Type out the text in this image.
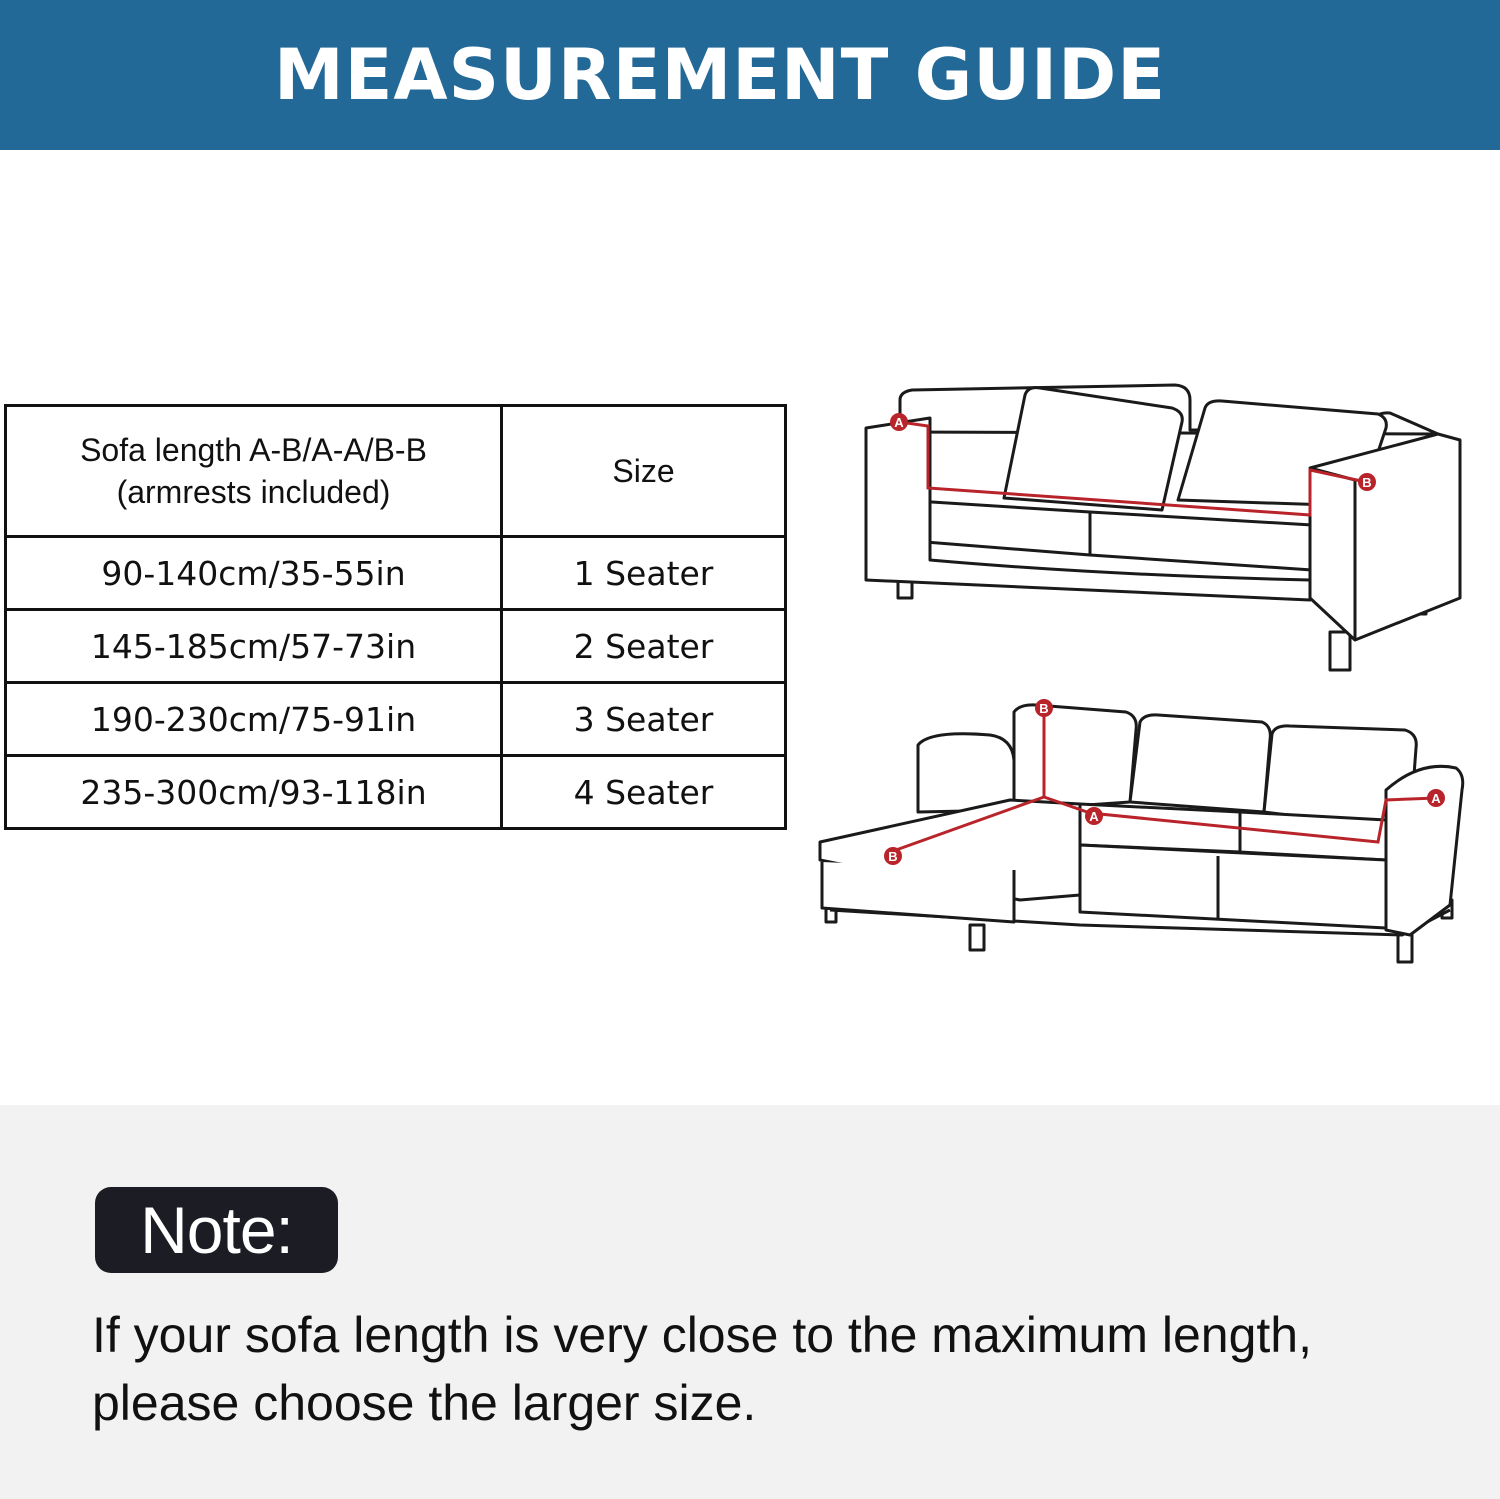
MEASUREMENT GUIDE
Sofa length A-B/A-A/B-B
(armrests included)	Size
90-140cm/35-55in	1 Seater
145-185cm/57-73in	2 Seater
190-230cm/75-91in	3 Seater
235-300cm/93-118in	4 Seater
A
B
B
A
A
B
Note:
If your sofa length is very close to the maximum length,
please choose the larger size.
